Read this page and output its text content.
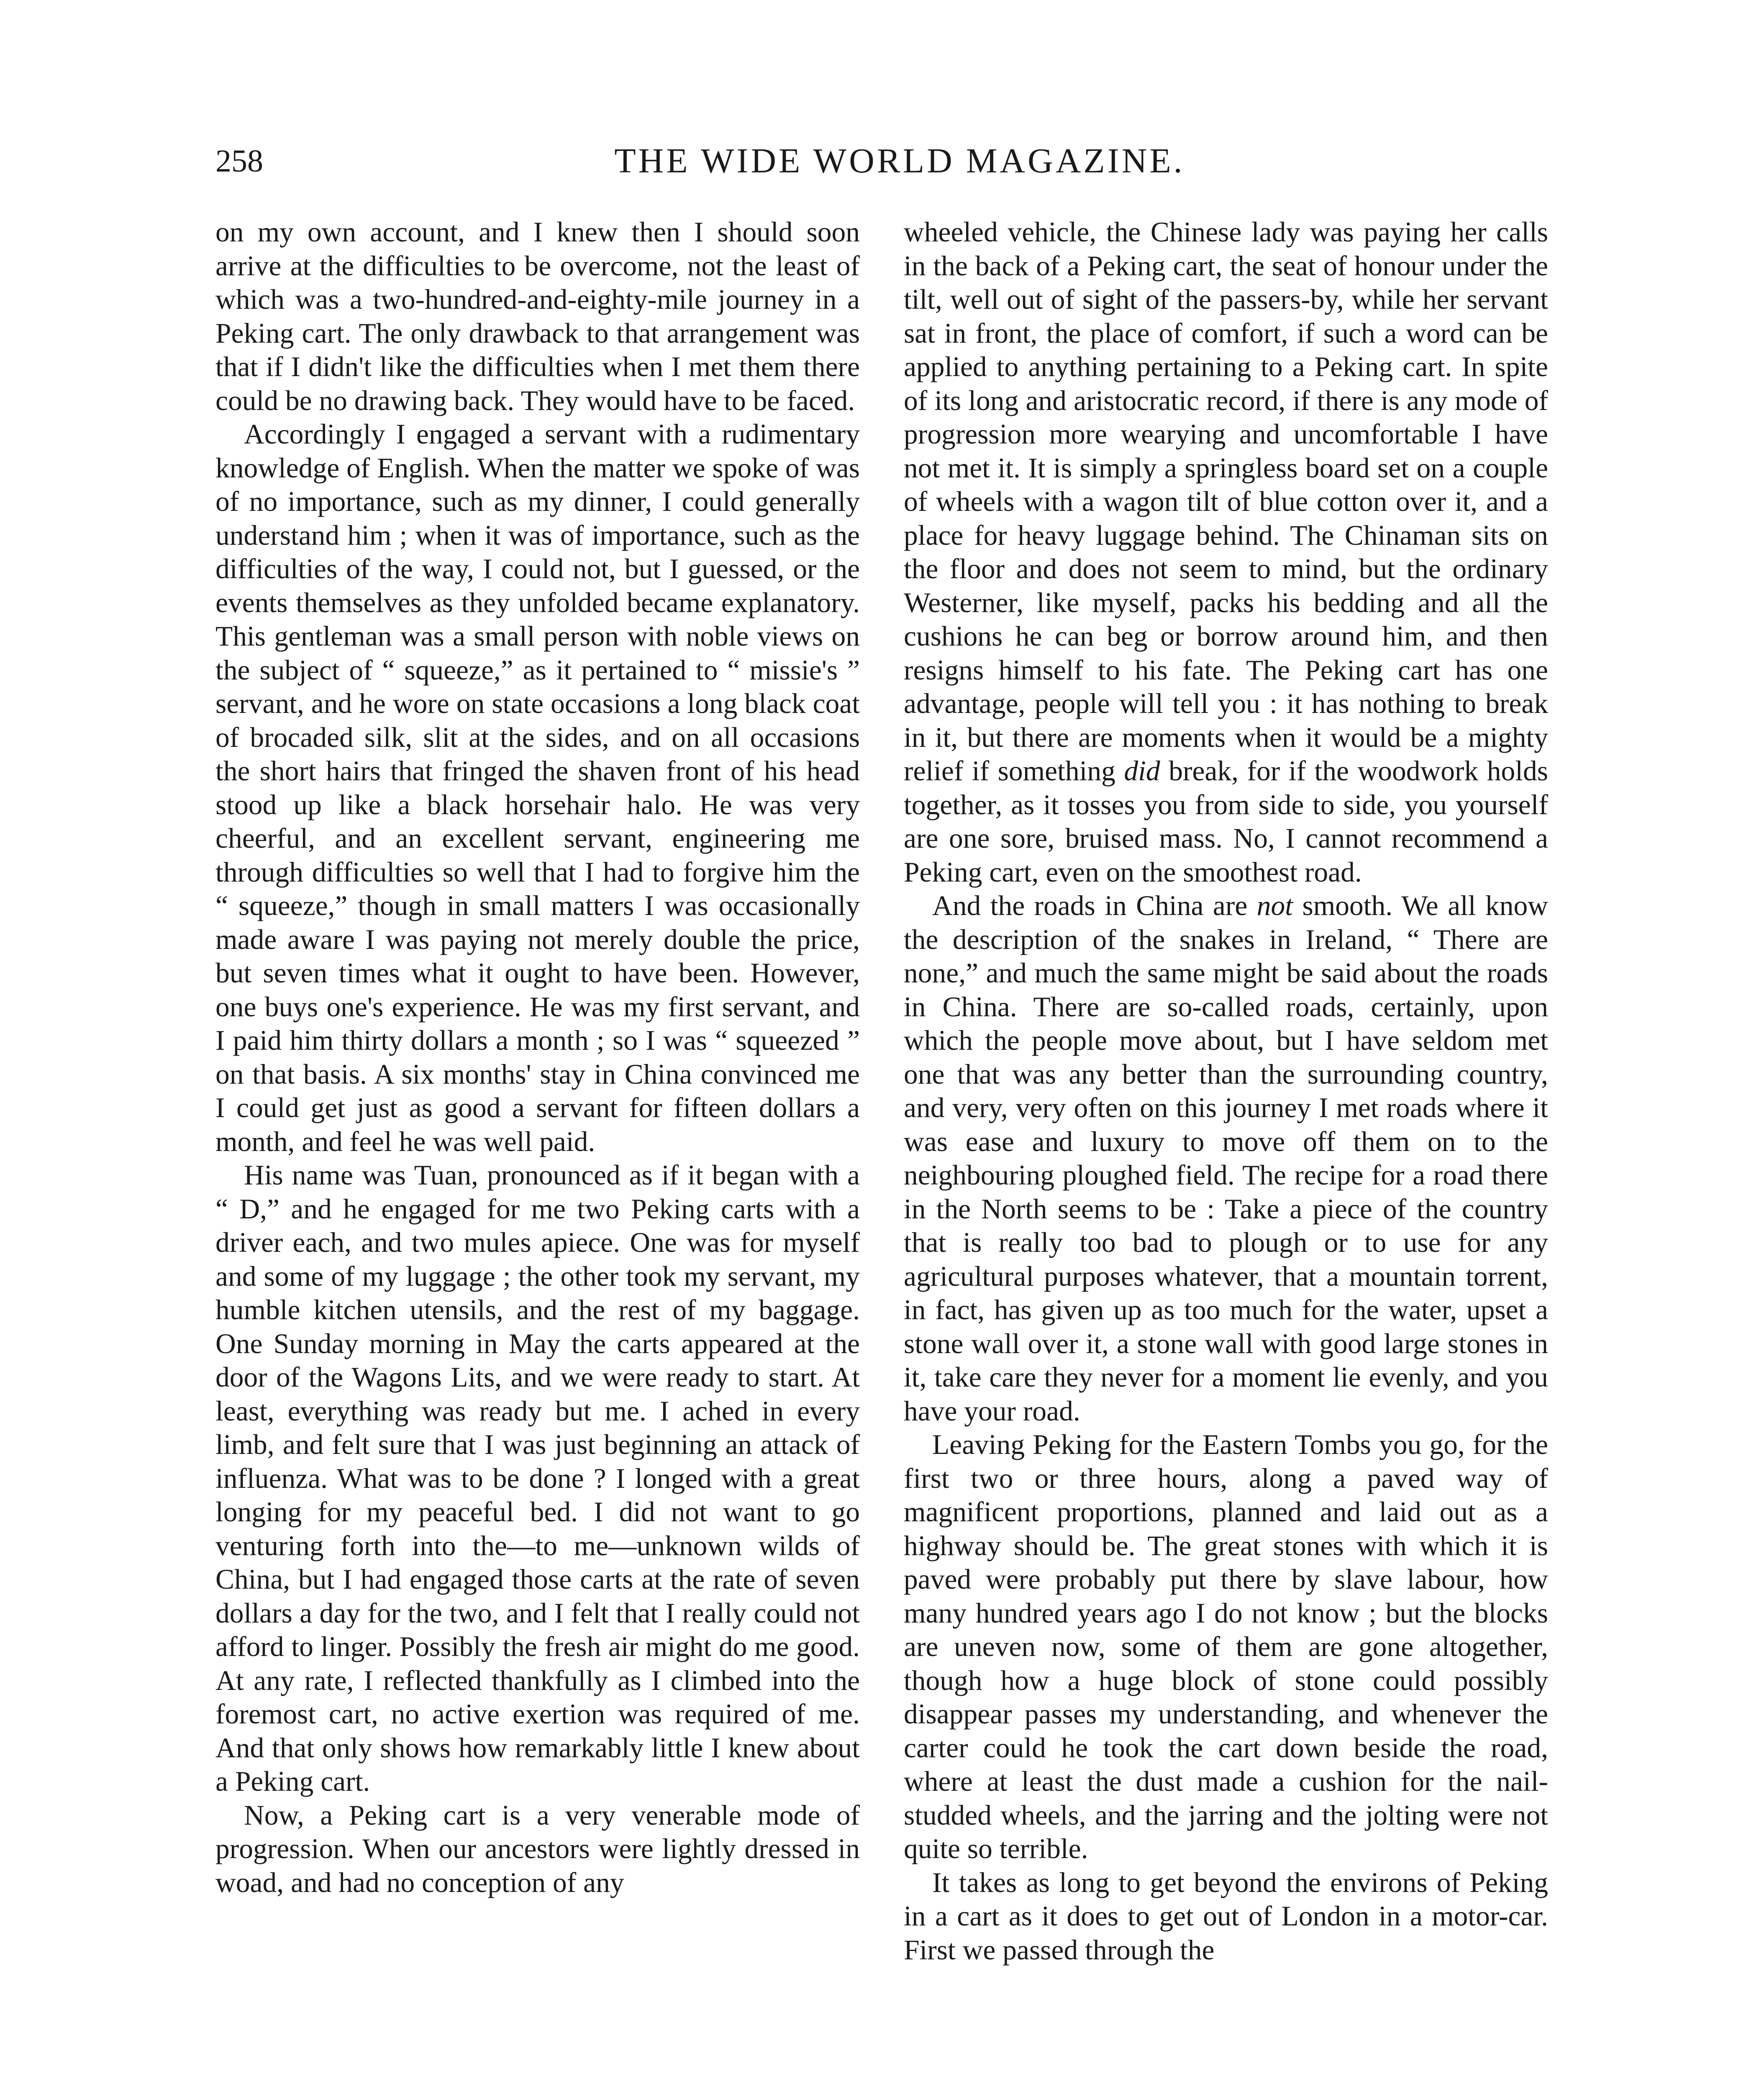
258	THE WIDE WORLD MAGAZINE.

on my own account, and I knew then I should soon arrive at the difficulties to be overcome, not the least of which was a two-hundred-and-eighty-mile journey in a Peking cart. The only drawback to that arrangement was that if I didn't like the difficulties when I met them there could be no drawing back. They would have to be faced.

Accordingly I engaged a servant with a rudimentary knowledge of English. When the matter we spoke of was of no importance, such as my dinner, I could generally understand him ; when it was of importance, such as the difficulties of the way, I could not, but I guessed, or the events themselves as they unfolded became explanatory. This gentleman was a small person with noble views on the subject of “ squeeze,” as it pertained to “ missie's ” servant, and he wore on state occasions a long black coat of brocaded silk, slit at the sides, and on all occasions the short hairs that fringed the shaven front of his head stood up like a black horsehair halo. He was very cheerful, and an excellent servant, engineering me through difficulties so well that I had to forgive him the “ squeeze,” though in small matters I was occasionally made aware I was paying not merely double the price, but seven times what it ought to have been. However, one buys one's experience. He was my first servant, and I paid him thirty dollars a month ; so I was “ squeezed ” on that basis. A six months' stay in China convinced me I could get just as good a servant for fifteen dollars a month, and feel he was well paid.

His name was Tuan, pronounced as if it began with a “ D,” and he engaged for me two Peking carts with a driver each, and two mules apiece. One was for myself and some of my luggage ; the other took my servant, my humble kitchen utensils, and the rest of my baggage. One Sunday morning in May the carts appeared at the door of the Wagons Lits, and we were ready to start. At least, everything was ready but me. I ached in every limb, and felt sure that I was just beginning an attack of influenza. What was to be done ? I longed with a great longing for my peaceful bed. I did not want to go venturing forth into the—to me—unknown wilds of China, but I had engaged those carts at the rate of seven dollars a day for the two, and I felt that I really could not afford to linger. Possibly the fresh air might do me good. At any rate, I reflected thankfully as I climbed into the foremost cart, no active exertion was required of me. And that only shows how remarkably little I knew about a Peking cart.

Now, a Peking cart is a very venerable mode of progression. When our ancestors were lightly dressed in woad, and had no conception of any

wheeled vehicle, the Chinese lady was paying her calls in the back of a Peking cart, the seat of honour under the tilt, well out of sight of the passers-by, while her servant sat in front, the place of comfort, if such a word can be applied to anything pertaining to a Peking cart. In spite of its long and aristocratic record, if there is any mode of progression more wearying and uncomfortable I have not met it. It is simply a springless board set on a couple of wheels with a wagon tilt of blue cotton over it, and a place for heavy luggage behind. The Chinaman sits on the floor and does not seem to mind, but the ordinary Westerner, like myself, packs his bedding and all the cushions he can beg or borrow around him, and then resigns himself to his fate. The Peking cart has one advantage, people will tell you : it has nothing to break in it, but there are moments when it would be a mighty relief if something did break, for if the woodwork holds together, as it tosses you from side to side, you yourself are one sore, bruised mass. No, I cannot recommend a Peking cart, even on the smoothest road.

And the roads in China are not smooth. We all know the description of the snakes in Ireland, “ There are none,” and much the same might be said about the roads in China. There are so-called roads, certainly, upon which the people move about, but I have seldom met one that was any better than the surrounding country, and very, very often on this journey I met roads where it was ease and luxury to move off them on to the neighbouring ploughed field. The recipe for a road there in the North seems to be : Take a piece of the country that is really too bad to plough or to use for any agricultural purposes whatever, that a mountain torrent, in fact, has given up as too much for the water, upset a stone wall over it, a stone wall with good large stones in it, take care they never for a moment lie evenly, and you have your road.

Leaving Peking for the Eastern Tombs you go, for the first two or three hours, along a paved way of magnificent proportions, planned and laid out as a highway should be. The great stones with which it is paved were probably put there by slave labour, how many hundred years ago I do not know ; but the blocks are uneven now, some of them are gone altogether, though how a huge block of stone could possibly disappear passes my understanding, and whenever the carter could he took the cart down beside the road, where at least the dust made a cushion for the nail-studded wheels, and the jarring and the jolting were not quite so terrible.

It takes as long to get beyond the environs of Peking in a cart as it does to get out of London in a motor-car. First we passed through the
